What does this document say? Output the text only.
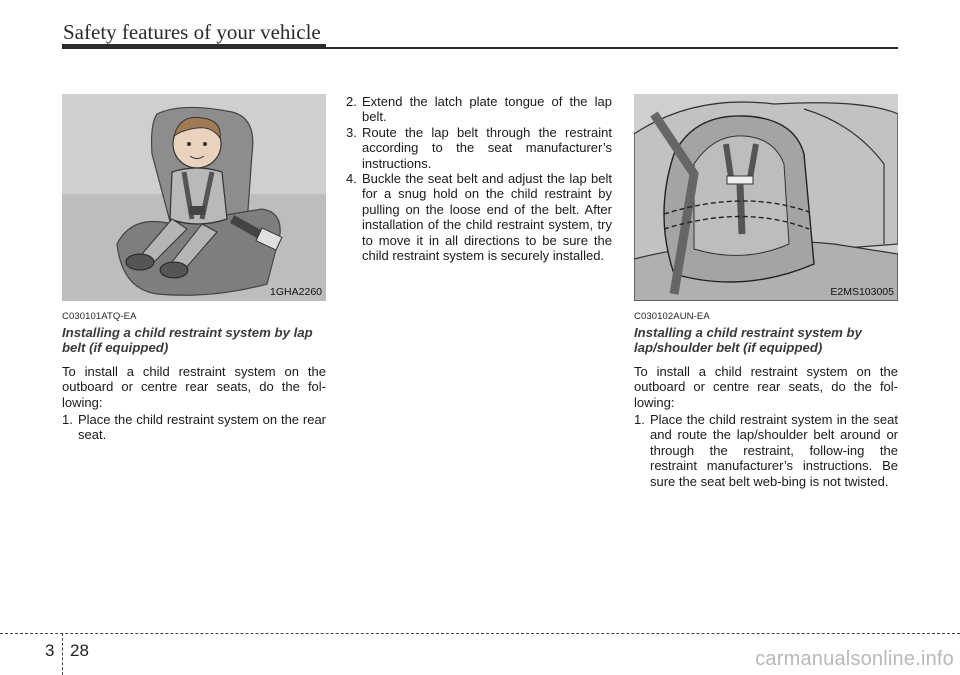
Safety features of your vehicle
1GHA2260
C030101ATQ-EA

Installing a child restraint system by lap belt (if equipped)

To install a child restraint system on the outboard or centre rear seats, do the fol-lowing:

1. Place the child restraint system on the rear seat.
2. Extend the latch plate tongue of the lap belt.
3. Route the lap belt through the restraint according to the seat manufacturer’s instructions.
4. Buckle the seat belt and adjust the lap belt for a snug hold on the child restraint by pulling on the loose end of the belt. After installation of the child restraint system, try to move it in all directions to be sure the child restraint system is securely installed.
E2MS103005
C030102AUN-EA

Installing a child restraint system by lap/shoulder belt (if equipped)

To install a child restraint system on the outboard or centre rear seats, do the fol-lowing:

1. Place the child restraint system in the seat and route the lap/shoulder belt around or through the restraint, follow-ing the restraint manufacturer’s instructions. Be sure the seat belt web-bing is not twisted.
3 28	carmanualsonline.info
